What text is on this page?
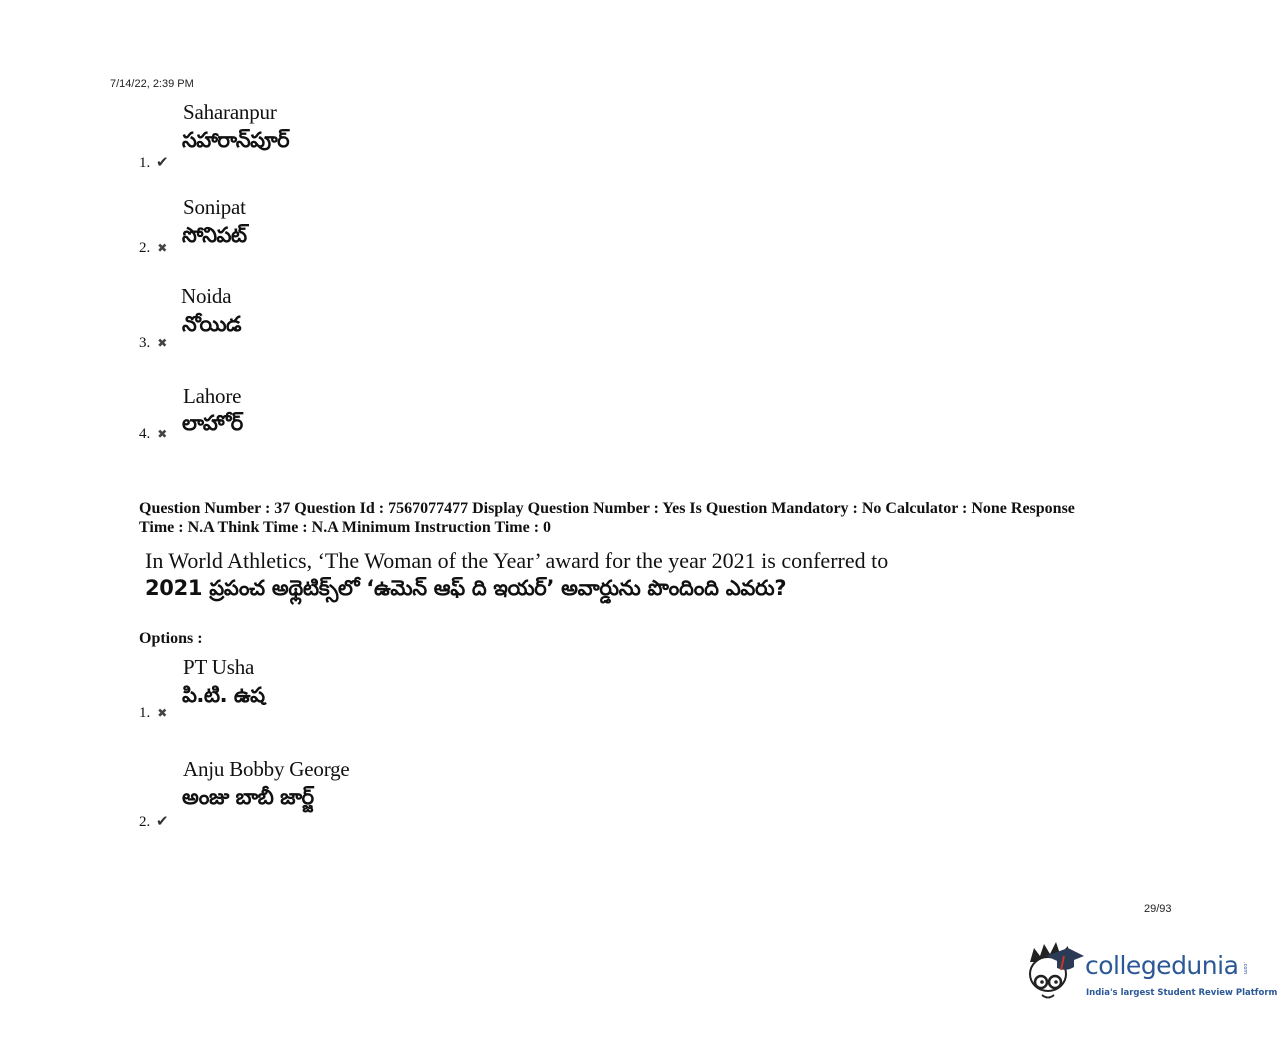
7/14/22, 2:39 PM
Saharanpur
సహారాన్‌పూర్
1. ✔
Sonipat
సోనిపట్
2. ✖
Noida
నోయిడ
3. ✖
Lahore
లాహోర్
4. ✖
Question Number : 37 Question Id : 7567077477 Display Question Number : Yes Is Question Mandatory : No Calculator : None Response
Time : N.A Think Time : N.A Minimum Instruction Time : 0
In World Athletics, ‘The Woman of the Year’ award for the year 2021 is conferred to
2021 ప్రపంచ అథ్లెటిక్స్‌లో ‘ఉమెన్ ఆఫ్ ది ఇయర్’ అవార్డును పొందింది ఎవరు?
Options :
PT Usha
పి.టి. ఉష
1. ✖
Anju Bobby George
అంజు బాబీ జార్జ్
2. ✔
29/93
collegedunia .com
India's largest Student Review Platform
